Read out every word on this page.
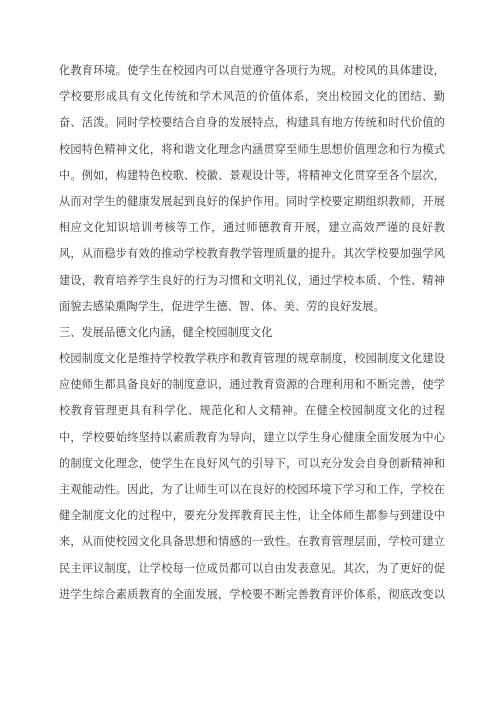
化教育环境。使学生在校园内可以自觉遵守各项行为规。对校风的具体建设，
学校要形成具有文化传统和学术风范的价值体系，突出校园文化的团结、勤
奋、活泼。同时学校要结合自身的发展特点，构建具有地方传统和时代价值的
校园特色精神文化，将和谐文化理念内涵贯穿至师生思想价值理念和行为模式
中。例如，构建特色校歌、校徽、景观设计等，将精神文化贯穿至各个层次，
从而对学生的健康发展起到良好的保护作用。同时学校要定期组织教师，开展
相应文化知识培训考核等工作，通过师德教育开展，建立高效严谨的良好教
风，从而稳步有效的推动学校教育教学管理质量的提升。其次学校要加强学风
建设，教育培养学生良好的行为习惯和文明礼仪，通过学校本质、个性、精神
面貌去感染熏陶学生，促进学生德、智、体、美、劳的良好发展。
三、发展品德文化内涵，健全校园制度文化
校园制度文化是维持学校教学秩序和教育管理的规章制度，校园制度文化建设
应使师生都具备良好的制度意识，通过教育资源的合理利用和不断完善，使学
校教育管理更具有科学化、规范化和人文精神。在健全校园制度文化的过程
中，学校要始终坚持以素质教育为导向，建立以学生身心健康全面发展为中心
的制度文化理念，使学生在良好风气的引导下，可以充分发会自身创新精神和
主观能动性。因此，为了让师生可以在良好的校园环境下学习和工作，学校在
健全制度文化的过程中，要充分发挥教育民主性，让全体师生都参与到建设中
来，从而使校园文化具备思想和情感的一致性。在教育管理层面，学校可建立
民主评议制度，让学校每一位成员都可以自由发表意见。其次，为了更好的促
进学生综合素质教育的全面发展，学校要不断完善教育评价体系，彻底改变以
